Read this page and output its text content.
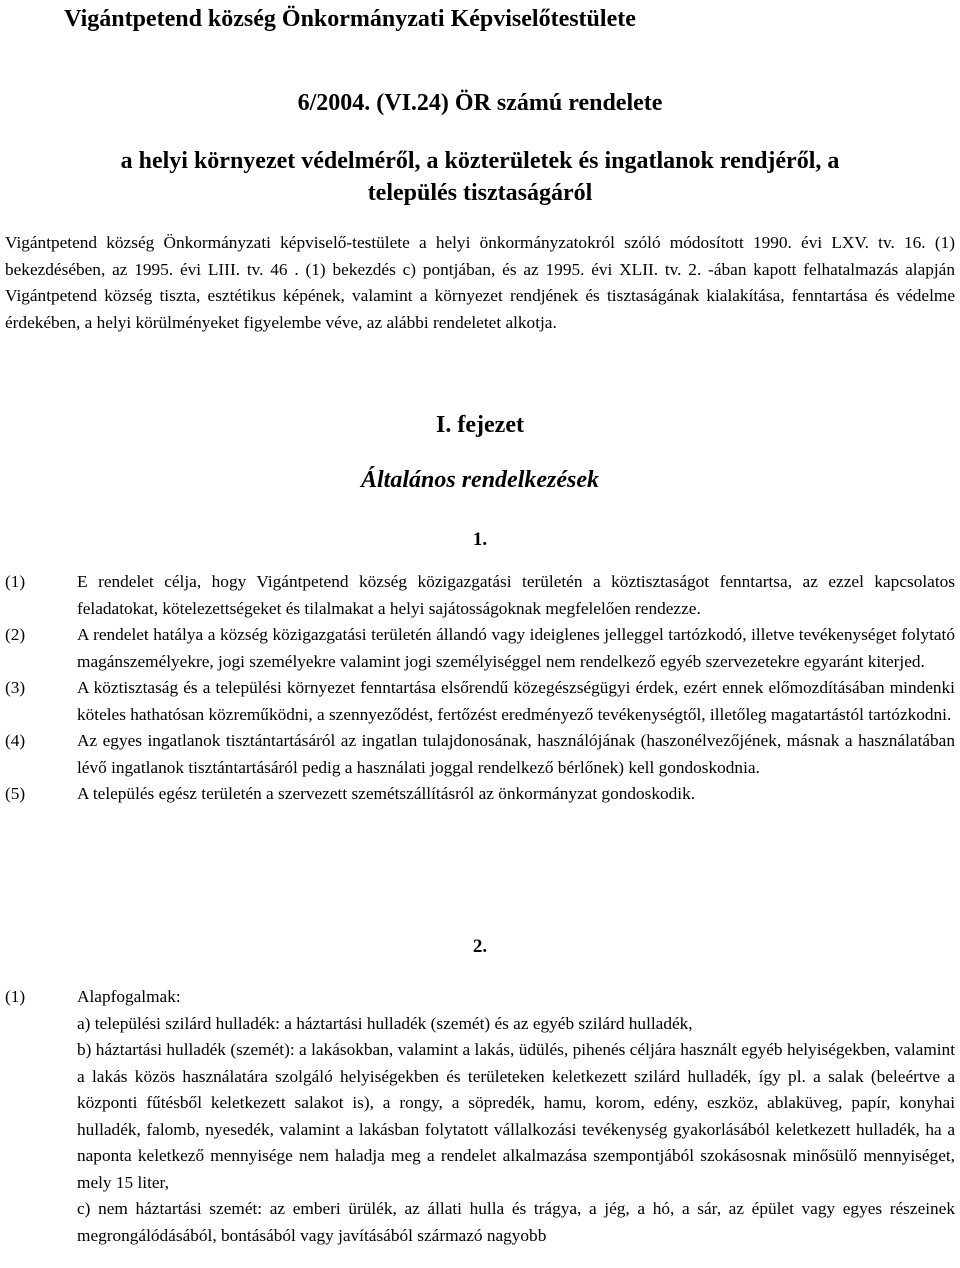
Vigántpetend község Önkormányzati Képviselőtestülete
6/2004. (VI.24) ÖR számú rendelete
a helyi környezet védelméről, a közterületek és ingatlanok rendjéről, a
település tisztaságáról
Vigántpetend község Önkormányzati képviselő-testülete a helyi önkormányzatokról szóló módosított 1990. évi LXV. tv. 16. (1) bekezdésében, az 1995. évi LIII. tv. 46 . (1) bekezdés c) pontjában, és az 1995. évi XLII. tv. 2. -ában kapott felhatalmazás alapján Vigántpetend község tiszta, esztétikus képének, valamint a környezet rendjének és tisztaságának kialakítása, fenntartása és védelme érdekében, a helyi körülményeket figyelembe véve, az alábbi rendeletet alkotja.
I. fejezet
Általános rendelkezések
1.
(1)	E rendelet célja, hogy Vigántpetend község közigazgatási területén a köztisztaságot fenntartsa, az ezzel kapcsolatos feladatokat, kötelezettségeket és tilalmakat a helyi sajátosságoknak megfelelően rendezze.
(2)	A rendelet hatálya a község közigazgatási területén állandó vagy ideiglenes jelleggel tartózkodó, illetve tevékenységet folytató magánszemélyekre, jogi személyekre valamint jogi személyiséggel nem rendelkező egyéb szervezetekre egyaránt kiterjed.
(3)	A köztisztaság és a települési környezet fenntartása elsőrendű közegészségügyi érdek, ezért ennek előmozdításában mindenki köteles hathatósan közreműködni, a szennyeződést, fertőzést eredményező tevékenységtől, illetőleg magatartástól tartózkodni.
(4)	Az egyes ingatlanok tisztántartásáról az ingatlan tulajdonosának, használójának (haszonélvezőjének, másnak a használatában lévő ingatlanok tisztántartásáról pedig a használati joggal rendelkező bérlőnek) kell gondoskodnia.
(5)	A település egész területén a szervezett szemétszállításról az önkormányzat gondoskodik.
2.
(1)	Alapfogalmak:
a) települési szilárd hulladék: a háztartási hulladék (szemét) és az egyéb szilárd hulladék,
b) háztartási hulladék (szemét): a lakásokban, valamint a lakás, üdülés, pihenés céljára használt egyéb helyiségekben, valamint a lakás közös használatára szolgáló helyiségekben és területeken keletkezett szilárd hulladék, így pl. a salak (beleértve a központi fűtésből keletkezett salakot is), a rongy, a söpredék, hamu, korom, edény, eszköz, ablaküveg, papír, konyhai hulladék, falomb, nyesedék, valamint a lakásban folytatott vállalkozási tevékenység gyakorlásából keletkezett hulladék, ha a naponta keletkező mennyisége nem haladja meg a rendelet alkalmazása szempontjából szokásosnak minősülő mennyiséget, mely 15 liter,
c) nem háztartási szemét: az emberi ürülék, az állati hulla és trágya, a jég, a hó, a sár, az épület vagy egyes részeinek megrongálódásából, bontásából vagy javításából származó nagyobb
